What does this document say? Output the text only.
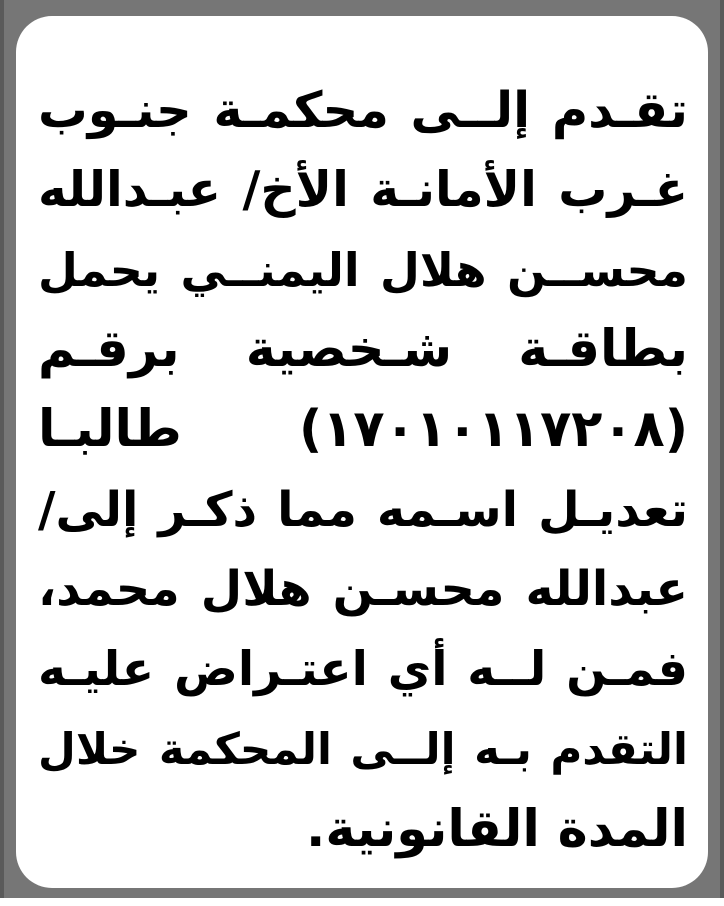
تقـدم إلــى محكمـة جنـوب
غـرب الأمانـة الأخ/ عبـدالله
محســن هلال اليمنــي يحمل
بطاقـة شـخصية برقـم
(١٧٠١٠١١٧٢٠٨) طالبـا
تعديـل اسـمه مما ذكـر إلى/
عبدالله محسـن هلال محمد،
فمـن لــه أي اعتـراض عليـه
التقدم بـه إلــى المحكمة خلال
المدة القانونية.
